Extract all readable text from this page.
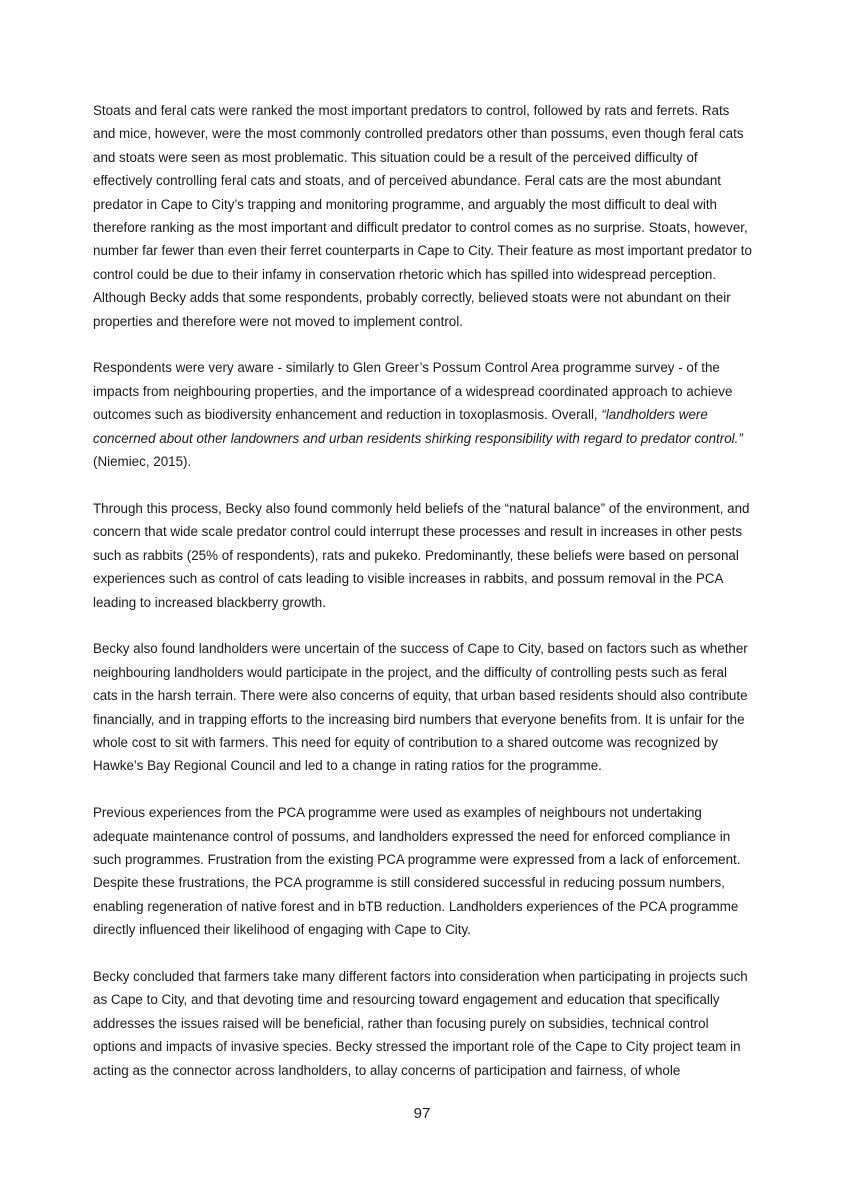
Stoats and feral cats were ranked the most important predators to control, followed by rats and ferrets. Rats and mice, however, were the most commonly controlled predators other than possums, even though feral cats and stoats were seen as most problematic. This situation could be a result of the perceived difficulty of effectively controlling feral cats and stoats, and of perceived abundance. Feral cats are the most abundant predator in Cape to City’s trapping and monitoring programme, and arguably the most difficult to deal with therefore ranking as the most important and difficult predator to control comes as no surprise. Stoats, however, number far fewer than even their ferret counterparts in Cape to City. Their feature as most important predator to control could be due to their infamy in conservation rhetoric which has spilled into widespread perception. Although Becky adds that some respondents, probably correctly, believed stoats were not abundant on their properties and therefore were not moved to implement control.

Respondents were very aware - similarly to Glen Greer’s Possum Control Area programme survey - of the impacts from neighbouring properties, and the importance of a widespread coordinated approach to achieve outcomes such as biodiversity enhancement and reduction in toxoplasmosis. Overall, “landholders were concerned about other landowners and urban residents shirking responsibility with regard to predator control.” (Niemiec, 2015).

Through this process, Becky also found commonly held beliefs of the “natural balance” of the environment, and concern that wide scale predator control could interrupt these processes and result in increases in other pests such as rabbits (25% of respondents), rats and pukeko. Predominantly, these beliefs were based on personal experiences such as control of cats leading to visible increases in rabbits, and possum removal in the PCA leading to increased blackberry growth.

Becky also found landholders were uncertain of the success of Cape to City, based on factors such as whether neighbouring landholders would participate in the project, and the difficulty of controlling pests such as feral cats in the harsh terrain. There were also concerns of equity, that urban based residents should also contribute financially, and in trapping efforts to the increasing bird numbers that everyone benefits from. It is unfair for the whole cost to sit with farmers. This need for equity of contribution to a shared outcome was recognized by Hawke’s Bay Regional Council and led to a change in rating ratios for the programme.

Previous experiences from the PCA programme were used as examples of neighbours not undertaking adequate maintenance control of possums, and landholders expressed the need for enforced compliance in such programmes. Frustration from the existing PCA programme were expressed from a lack of enforcement. Despite these frustrations, the PCA programme is still considered successful in reducing possum numbers, enabling regeneration of native forest and in bTB reduction. Landholders experiences of the PCA programme directly influenced their likelihood of engaging with Cape to City.

Becky concluded that farmers take many different factors into consideration when participating in projects such as Cape to City, and that devoting time and resourcing toward engagement and education that specifically addresses the issues raised will be beneficial, rather than focusing purely on subsidies, technical control options and impacts of invasive species. Becky stressed the important role of the Cape to City project team in acting as the connector across landholders, to allay concerns of participation and fairness, of whole

97
